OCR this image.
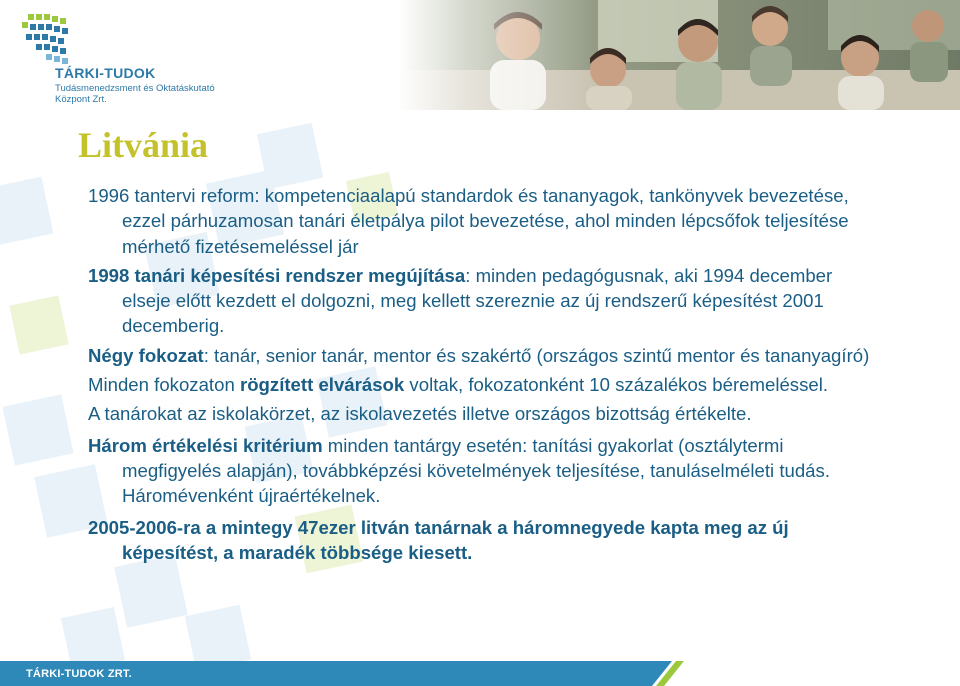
TÁRKI-TUDOK
Tudásmenedzsment és Oktatáskutató
Központ Zrt.
Litvánia

1996 tantervi reform: kompetenciaalapú standardok és tananyagok, tankönyvek bevezetése, ezzel párhuzamosan tanári életpálya pilot bevezetése, ahol minden lépcsőfok teljesítése mérhető fizetésemeléssel jár

1998 tanári képesítési rendszer megújítása: minden pedagógusnak, aki 1994 december elseje előtt kezdett el dolgozni, meg kellett szereznie az új rendszerű képesítést 2001 decemberig.

Négy fokozat: tanár, senior tanár, mentor és szakértő (országos szintű mentor és tananyagíró)

Minden fokozaton rögzített elvárások voltak, fokozatonként 10 százalékos béremeléssel.

A tanárokat az iskolakörzet, az iskolavezetés illetve országos bizottság értékelte.

Három értékelési kritérium minden tantárgy esetén: tanítási gyakorlat (osztálytermi megfigyelés alapján), továbbképzési követelmények teljesítése, tanuláselméleti tudás. Háromévenként újraértékelnek.

2005-2006-ra a mintegy 47ezer litván tanárnak a háromnegyede kapta meg az új képesítést, a maradék többsége kiesett.

TÁRKI-TUDOK ZRT.
